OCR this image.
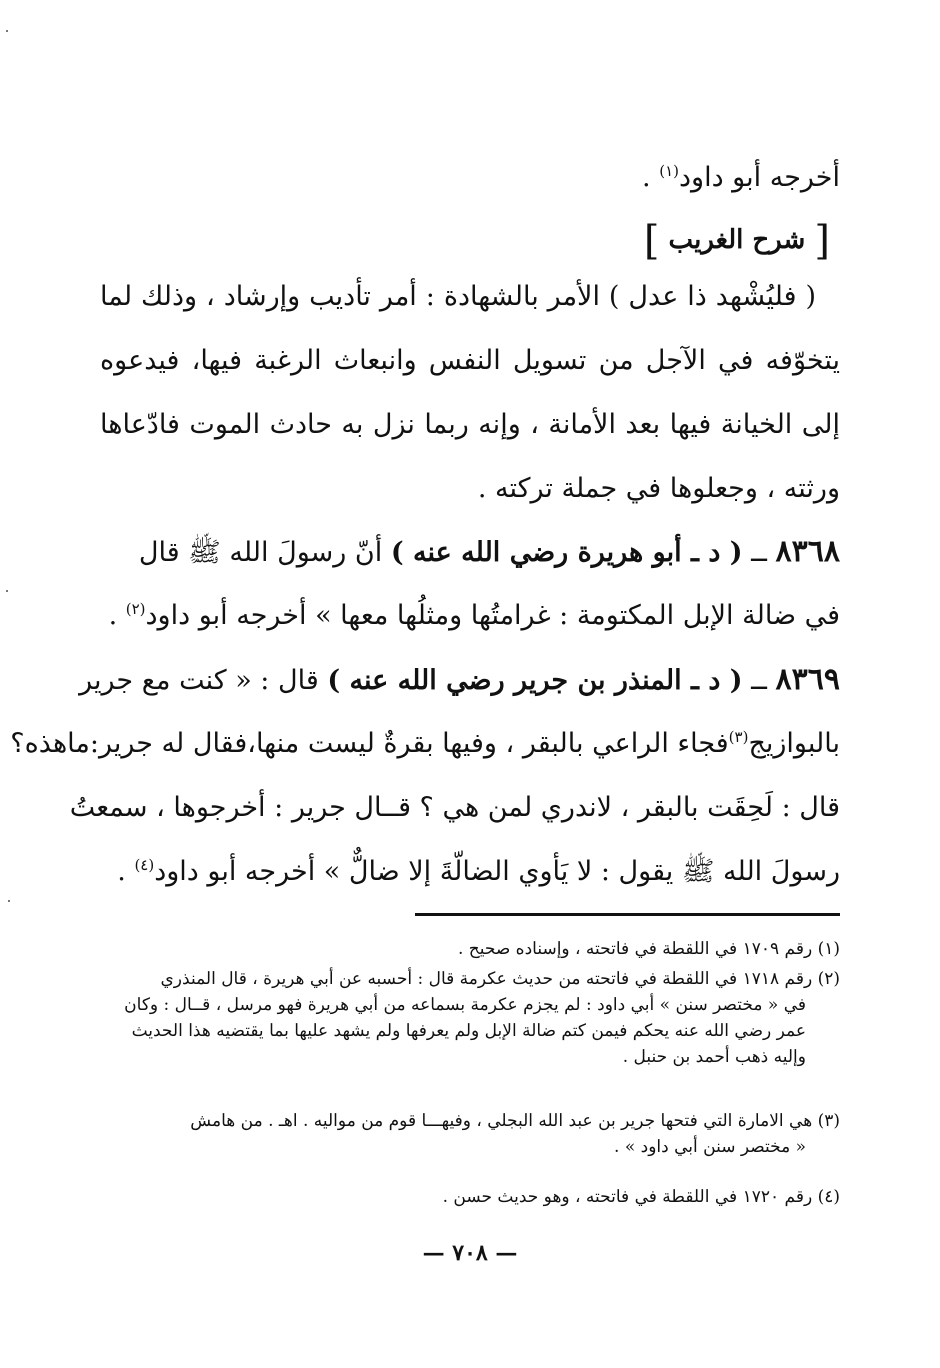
أخرجه أبو داود$^{(١)}$ .
[ شرح الغريب ]
( فليُشْهد ذا عدل ) الأمر بالشهادة : أمر تأديب وإرشاد ، وذلك لما يتخوّفه في الآجل من تسويل النفس وانبعاث الرغبة فيها، فيدعوه إلى الخيانة فيها بعد الأمانة ، وإنه ربما نزل به حادث الموت فادّعاها ورثته ، وجعلوها في جملة تركته .
٨٣٦٨ ــ ( د ـ أبو هريرة رضي الله عنه ) أنّ رسولَ الله ﷺ قال
في ضالة الإبل المكتومة : غرامتُها ومثلُها معها » أخرجه أبو داود$^{(٢)}$ .
٨٣٦٩ ــ ( د ـ المنذر بن جرير رضي الله عنه ) قال : « كنت مع جرير
بالبوازيج$^{(٣)}$فجاء الراعي بالبقر ، وفيها بقرةٌ ليست منها،فقال له جرير:ماهذه؟
قال : لَحِقَت بالبقر ، لاندري لمن هي ؟ قــال جرير : أخرجوها ، سمعتُ
رسولَ الله ﷺ يقول : لا يَأوي الضالّةَ إلا ضالٌّ » أخرجه أبو داود$^{(٤)}$ .
(١) رقم ١٧٠٩ في اللقطة في فاتحته ، وإسناده صحيح .
(٢) رقم ١٧١٨ في اللقطة في فاتحته من حديث عكرمة قال : أحسبه عن أبي هريرة ، قال المنذري
في « مختصر سنن » أبي داود : لم يجزم عكرمة بسماعه من أبي هريرة فهو مرسل ، قــال : وكان
عمر رضي الله عنه يحكم فيمن كتم ضالة الإبل ولم يعرفها ولم يشهد عليها بما يقتضيه هذا الحديث
وإليه ذهب أحمد بن حنبل .
(٣) هي الامارة التي فتحها جرير بن عبد الله البجلي ، وفيهـــا قوم من مواليه . اهـ . من هامش
« مختصر سنن أبي داود » .
(٤) رقم ١٧٢٠ في اللقطة في فاتحته ، وهو حديث حسن .
— ٧٠٨ —
